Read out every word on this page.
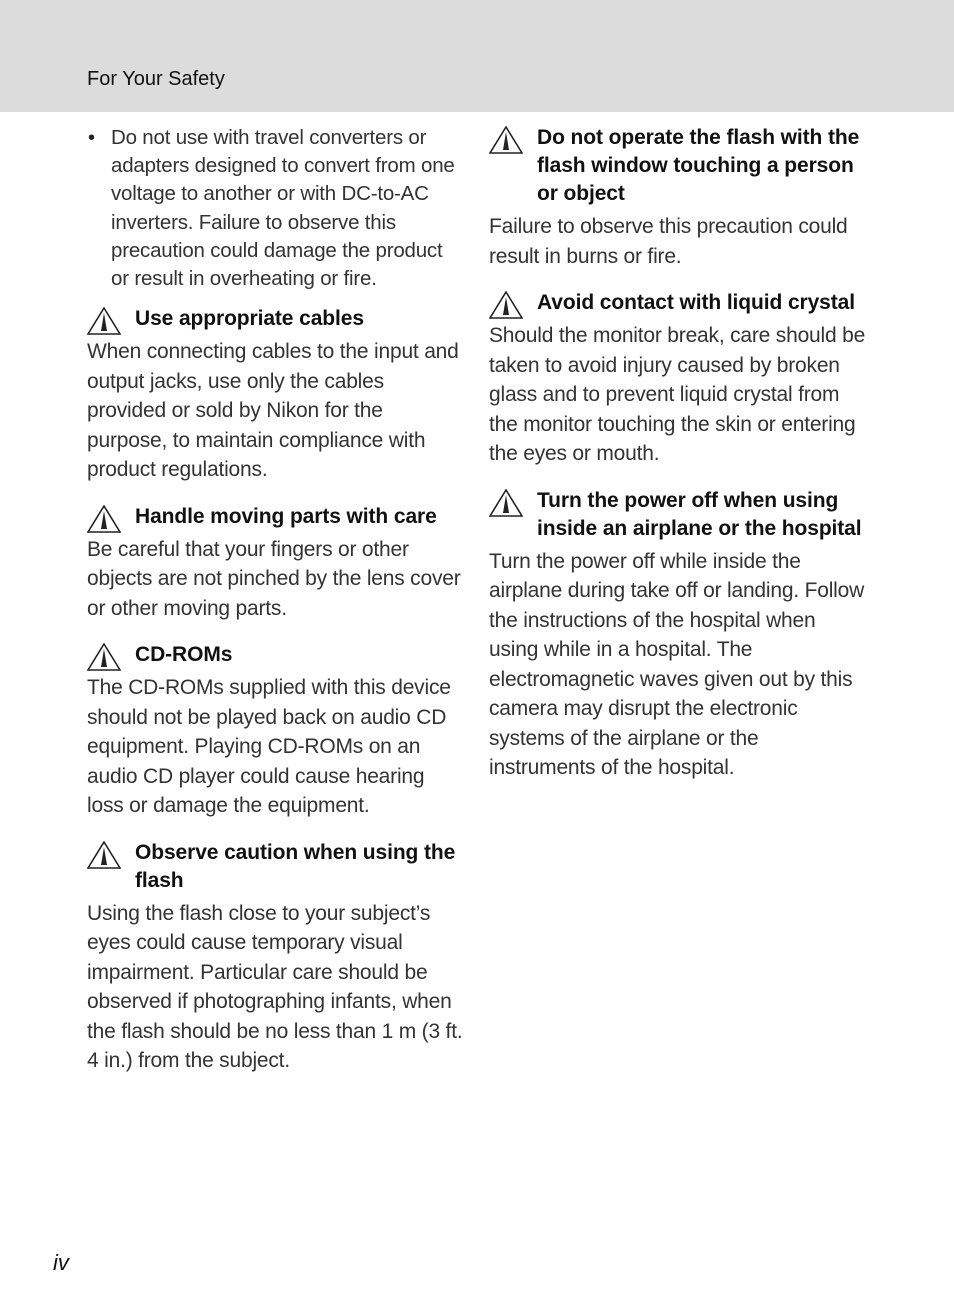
For Your Safety
• Do not use with travel converters or adapters designed to convert from one voltage to another or with DC-to-AC inverters. Failure to observe this precaution could damage the product or result in overheating or fire.
Use appropriate cables
When connecting cables to the input and output jacks, use only the cables provided or sold by Nikon for the purpose, to maintain compliance with product regulations.
Handle moving parts with care
Be careful that your fingers or other objects are not pinched by the lens cover or other moving parts.
CD-ROMs
The CD-ROMs supplied with this device should not be played back on audio CD equipment. Playing CD-ROMs on an audio CD player could cause hearing loss or damage the equipment.
Observe caution when using the flash
Using the flash close to your subject’s eyes could cause temporary visual impairment. Particular care should be observed if photographing infants, when the flash should be no less than 1 m (3 ft. 4 in.) from the subject.
Do not operate the flash with the flash window touching a person or object
Failure to observe this precaution could result in burns or fire.
Avoid contact with liquid crystal
Should the monitor break, care should be taken to avoid injury caused by broken glass and to prevent liquid crystal from the monitor touching the skin or entering the eyes or mouth.
Turn the power off when using inside an airplane or the hospital
Turn the power off while inside the airplane during take off or landing. Follow the instructions of the hospital when using while in a hospital. The electromagnetic waves given out by this camera may disrupt the electronic systems of the airplane or the instruments of the hospital.
iv
